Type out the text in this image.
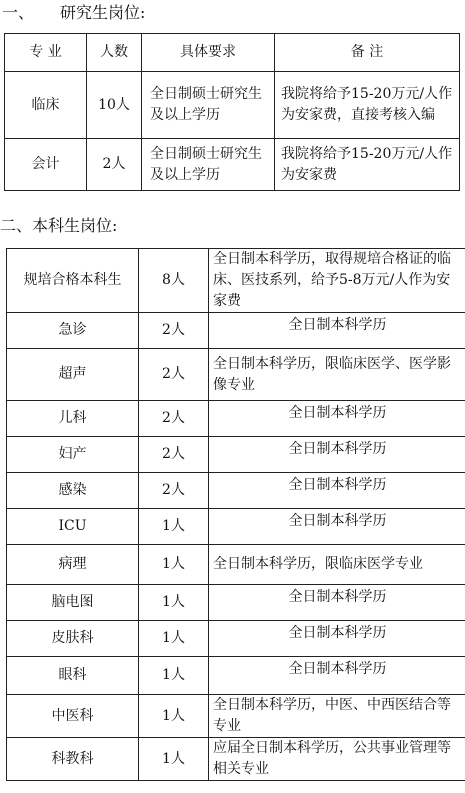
一、 研究生岗位:
专 业	人数	具体要求	备 注
临床	10人	全日制硕士研究生及以上学历	我院将给予15-20万元/人作为安家费，直接考核入编
会计	2人	全日制硕士研究生及以上学历	我院将给予15-20万元/人作为安家费
二、本科生岗位:
规培合格本科生	8人	全日制本科学历，取得规培合格证的临床、医技系列，给予5-8万元/人作为安家费
急诊	2人	全日制本科学历
超声	2人	全日制本科学历，限临床医学、医学影像专业
儿科	2人	全日制本科学历
妇产	2人	全日制本科学历
感染	2人	全日制本科学历
ICU	1人	全日制本科学历
病理	1人	全日制本科学历，限临床医学专业
脑电图	1人	全日制本科学历
皮肤科	1人	全日制本科学历
眼科	1人	全日制本科学历
中医科	1人	全日制本科学历，中医、中西医结合等专业
科教科	1人	应届全日制本科学历，公共事业管理等相关专业
